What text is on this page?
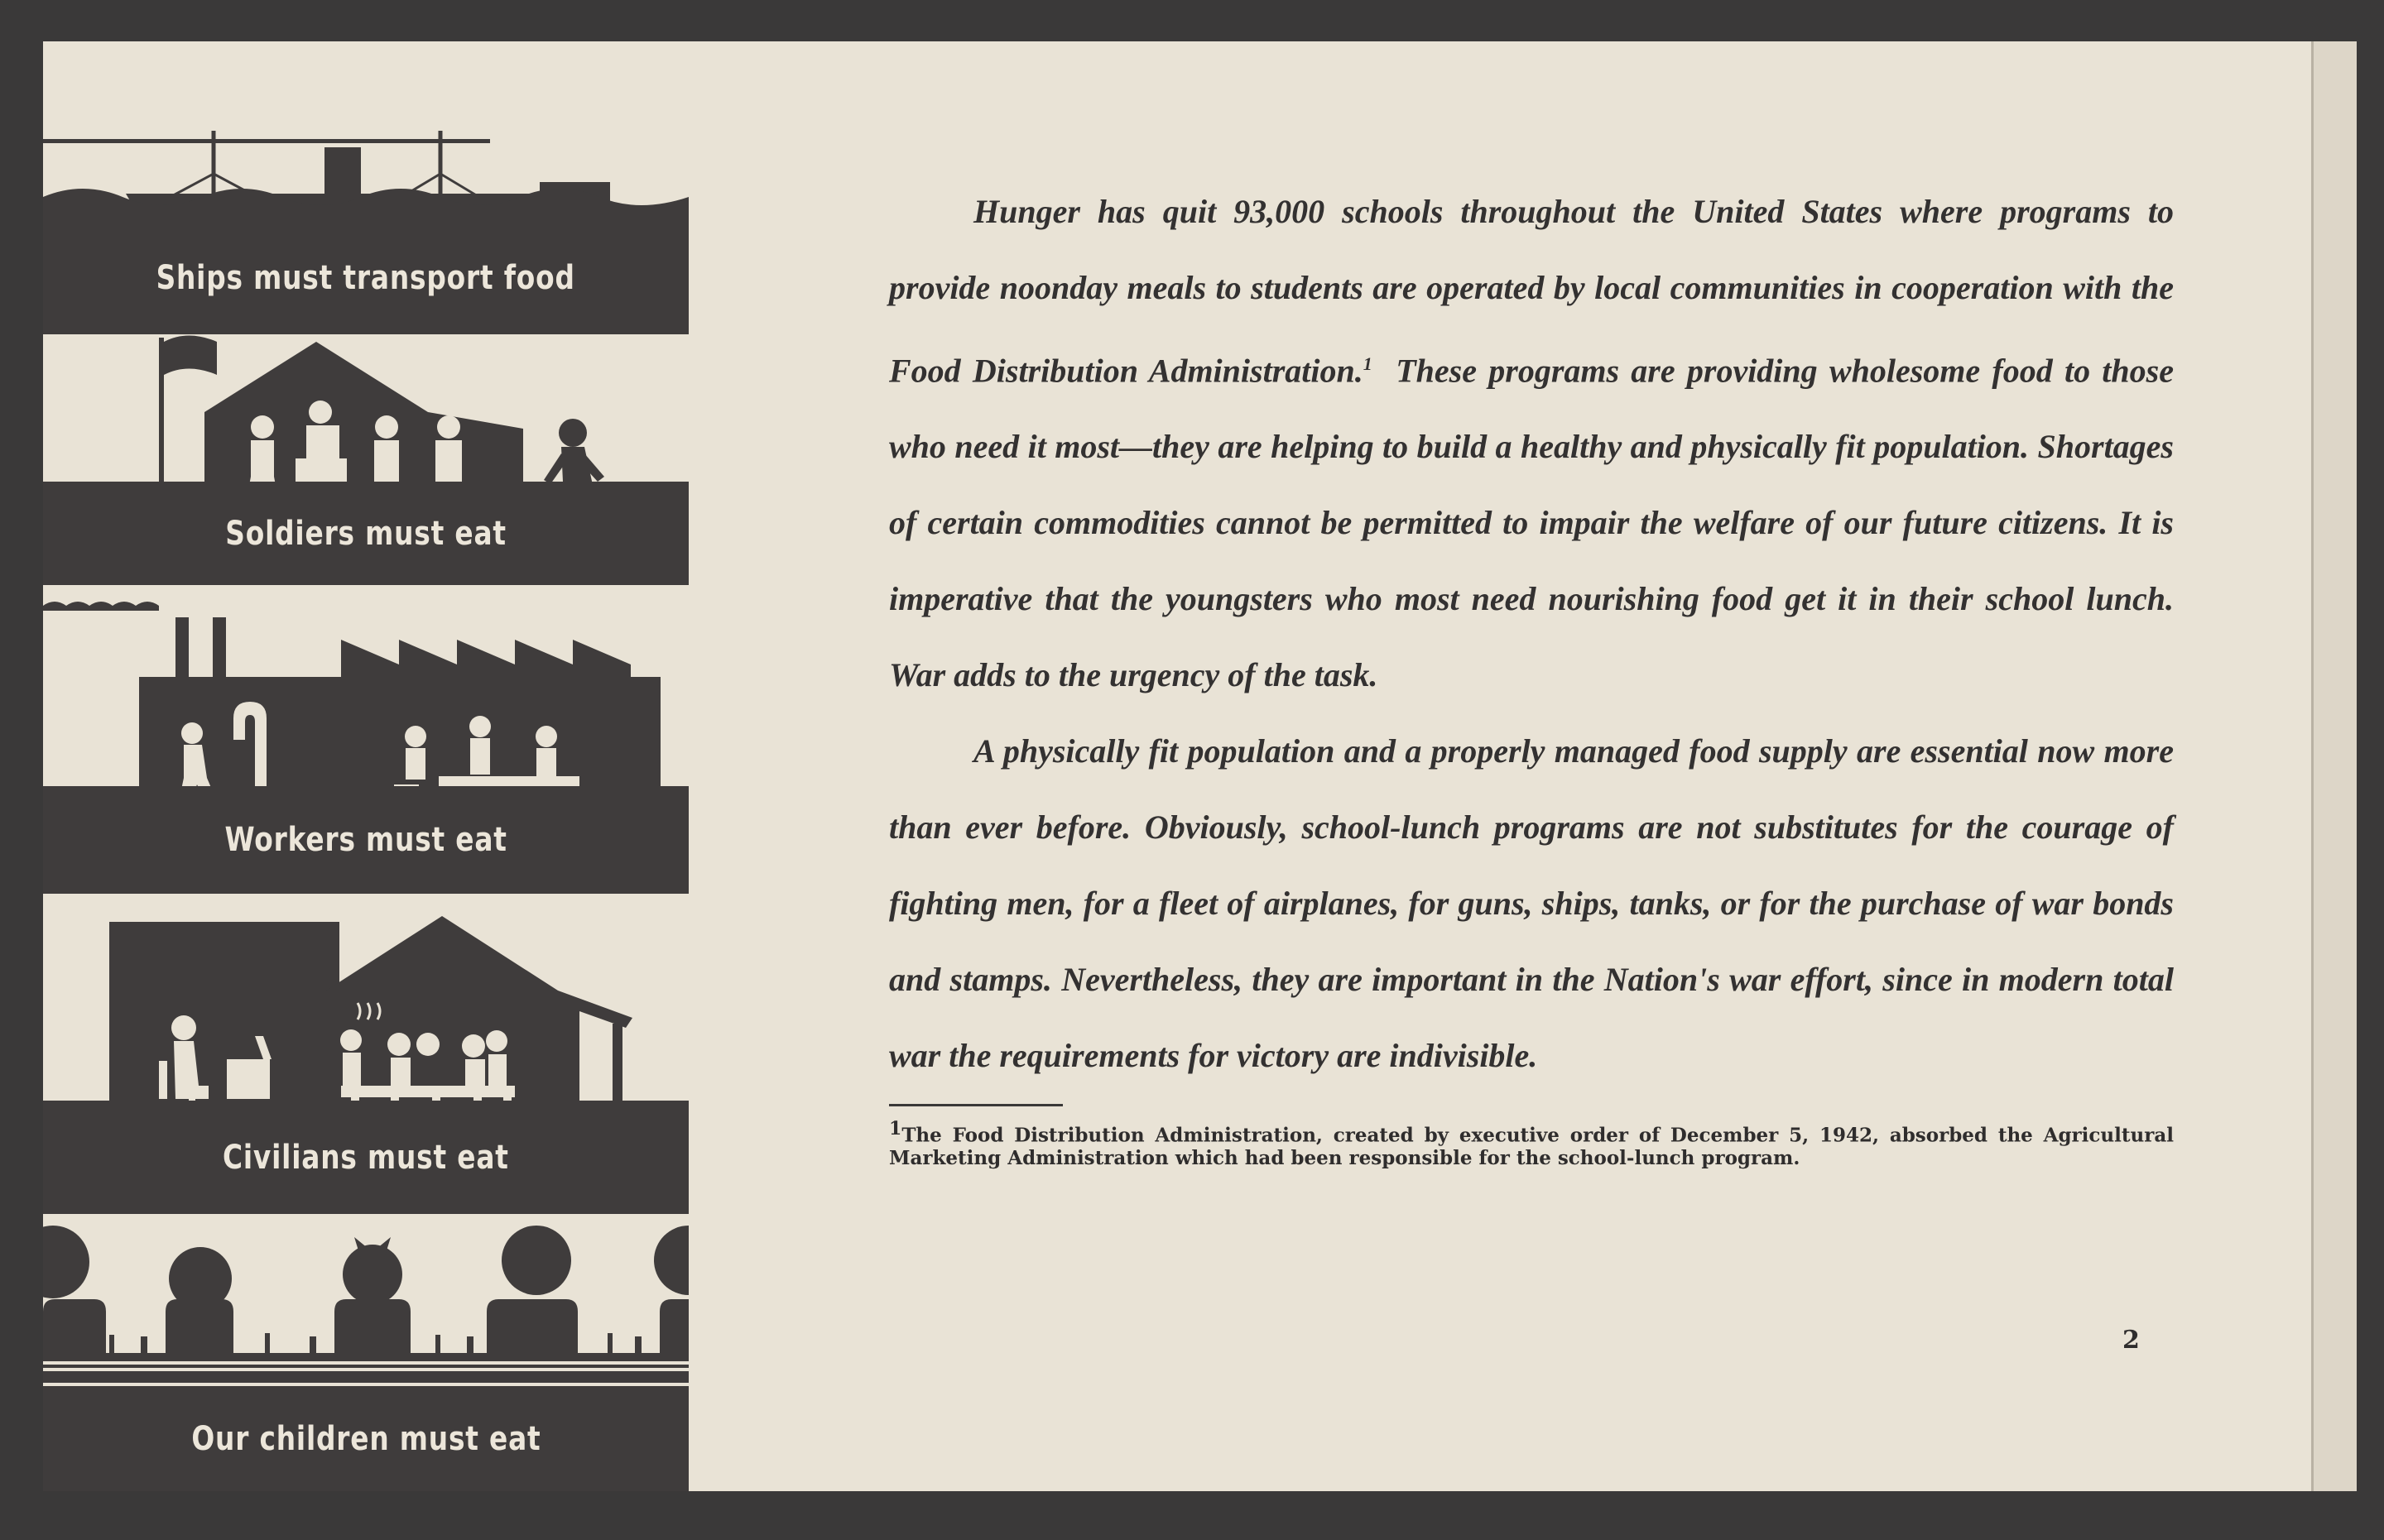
Ships must transport food
Soldiers must eat
Workers must eat
Civilians must eat
Our children must eat

Hunger has quit 93,000 schools throughout the United States where programs to provide noonday meals to students are operated by local communities in cooperation with the Food Distribution Administration.$^1$ These programs are providing wholesome food to those who need it most—they are helping to build a healthy and physically fit population. Shortages of certain commodities cannot be permitted to impair the welfare of our future citizens. It is imperative that the youngsters who most need nourishing food get it in their school lunch. War adds to the urgency of the task.

A physically fit population and a properly managed food supply are essential now more than ever before. Obviously, school-lunch programs are not substitutes for the courage of fighting men, for a fleet of airplanes, for guns, ships, tanks, or for the purchase of war bonds and stamps. Nevertheless, they are important in the Nation's war effort, since in modern total war the requirements for victory are indivisible.

$^1$The Food Distribution Administration, created by executive order of December 5, 1942, absorbed the Agricultural Marketing Administration which had been responsible for the school-lunch program.
2
